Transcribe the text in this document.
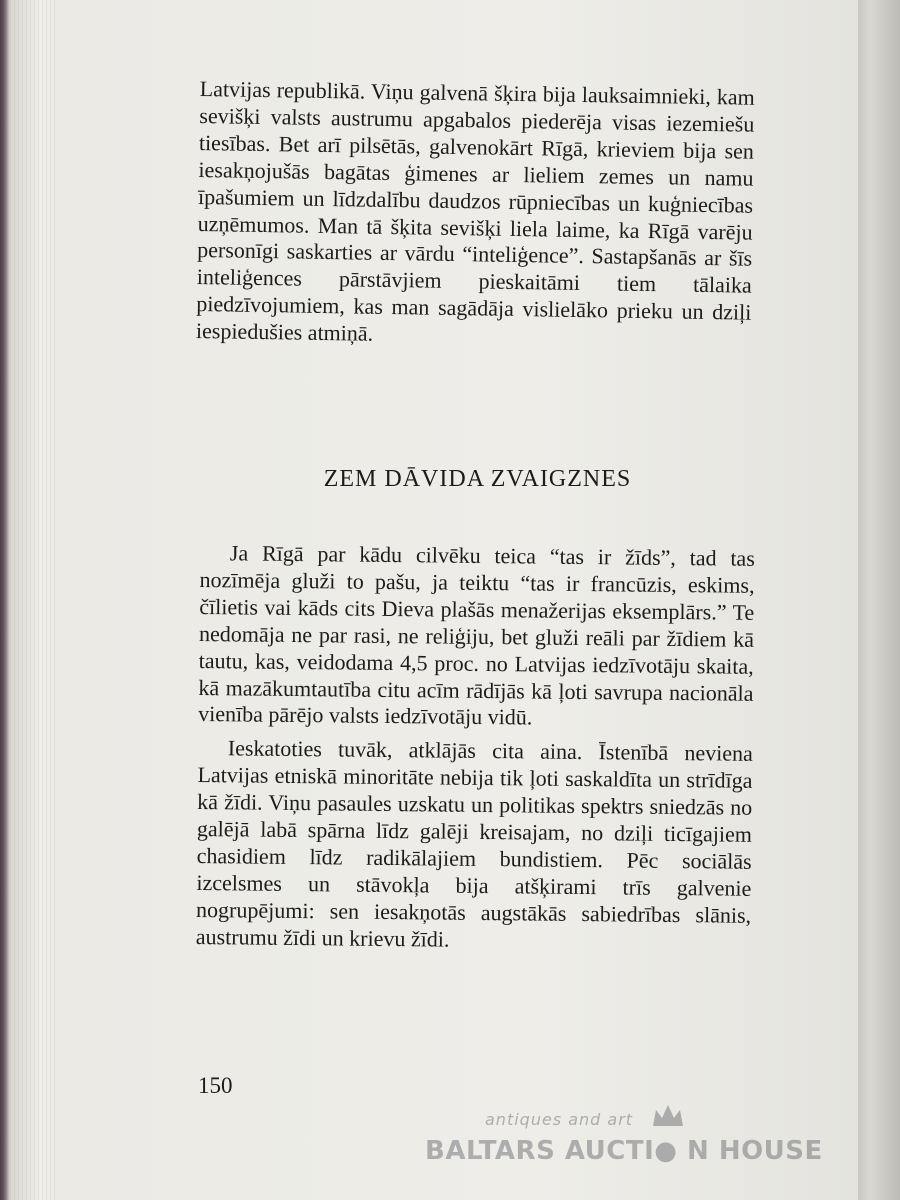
Latvijas republikā. Viņu galvenā šķira bija lauksaimnieki, kam sevišķi valsts austrumu apgabalos piederēja visas iezemiešu tiesības. Bet arī pilsētās, galvenokārt Rīgā, krieviem bija sen iesakņojušās bagātas ģimenes ar lieliem zemes un namu īpašumiem un līdzdalību daudzos rūpniecības un kuģniecības uzņēmumos. Man tā šķita sevišķi liela laime, ka Rīgā varēju personīgi saskarties ar vārdu “inteliģence”. Sastapšanās ar šīs inteliģences pārstāvjiem pieskaitāmi tiem tālaika piedzīvojumiem, kas man sagādāja vislielāko prieku un dziļi iespiedušies atmiņā.

ZEM DĀVIDA ZVAIGZNES

Ja Rīgā par kādu cilvēku teica “tas ir žīds”, tad tas nozīmēja gluži to pašu, ja teiktu “tas ir francūzis, eskims, čīlietis vai kāds cits Dieva plašās menažerijas eksemplārs.” Te nedomāja ne par rasi, ne reliģiju, bet gluži reāli par žīdiem kā tautu, kas, veidodama 4,5 proc. no Latvijas iedzīvotāju skaita, kā mazākumtautība citu acīm rādījās kā ļoti savrupa nacionāla vienība pārējo valsts iedzīvotāju vidū.

Ieskatoties tuvāk, atklājās cita aina. Īstenībā neviena Latvijas etniskā minoritāte nebija tik ļoti saskaldīta un strīdīga kā žīdi. Viņu pasaules uzskatu un politikas spektrs sniedzās no galējā labā spārna līdz galēji kreisajam, no dziļi ticīgajiem chasidiem līdz radikālajiem bundistiem. Pēc sociālās izcelsmes un stāvokļa bija atšķirami trīs galvenie nogrupējumi: sen iesakņotās augstākās sabiedrības slānis, austrumu žīdi un krievu žīdi.

150
antiques and art
BALTARS AUCTI● N HOUSE
